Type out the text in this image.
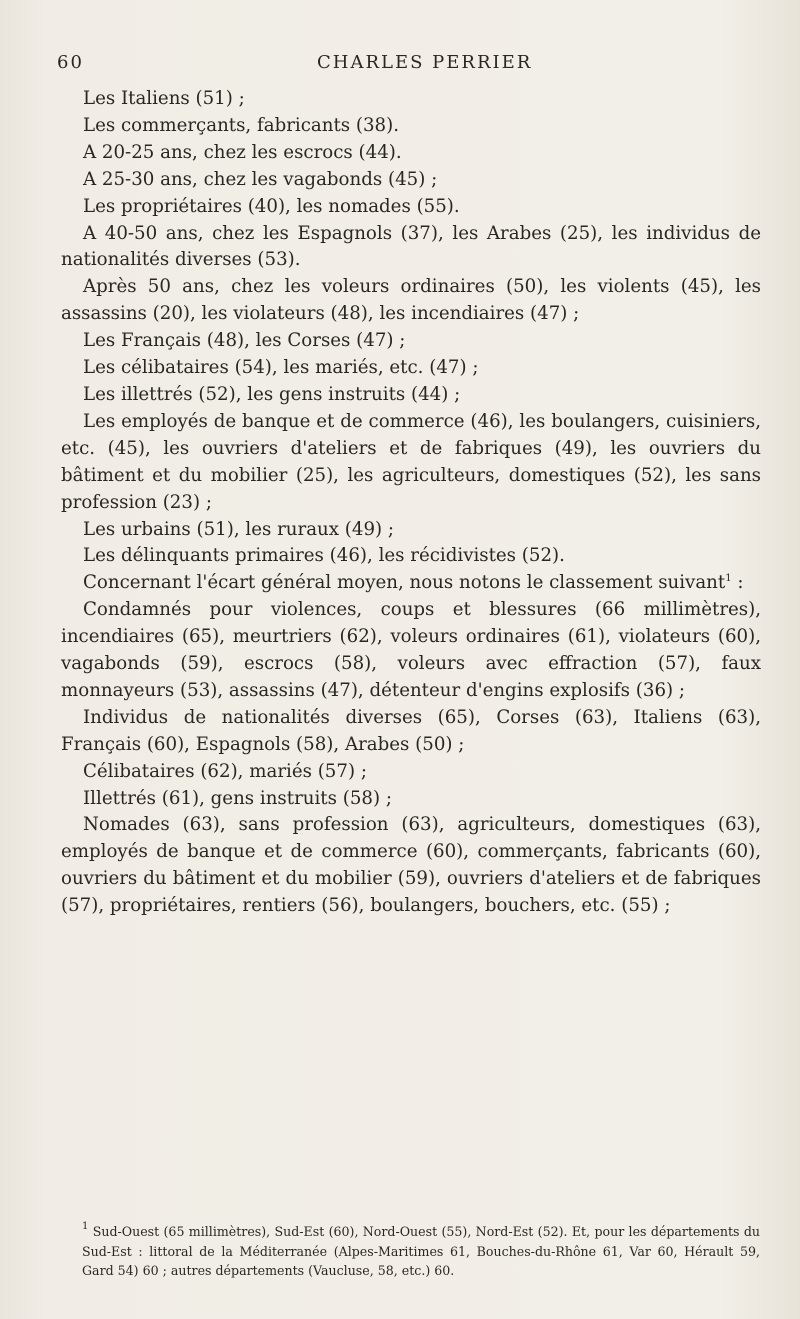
60	CHARLES PERRIER

Les Italiens (51) ;

Les commerçants, fabricants (38).

A 20-25 ans, chez les escrocs (44).

A 25-30 ans, chez les vagabonds (45) ;

Les propriétaires (40), les nomades (55).

A 40-50 ans, chez les Espagnols (37), les Arabes (25), les individus de nationalités diverses (53).

Après 50 ans, chez les voleurs ordinaires (50), les violents (45), les assassins (20), les violateurs (48), les incendiaires (47) ;

Les Français (48), les Corses (47) ;

Les célibataires (54), les mariés, etc. (47) ;

Les illettrés (52), les gens instruits (44) ;

Les employés de banque et de commerce (46), les boulangers, cuisiniers, etc. (45), les ouvriers d'ateliers et de fabriques (49), les ouvriers du bâtiment et du mobilier (25), les agriculteurs, domestiques (52), les sans profession (23) ;

Les urbains (51), les ruraux (49) ;

Les délinquants primaires (46), les récidivistes (52).

Concernant l'écart général moyen, nous notons le classement suivant$^1$ :

Condamnés pour violences, coups et blessures (66 millimètres), incendiaires (65), meurtriers (62), voleurs ordinaires (61), violateurs (60), vagabonds (59), escrocs (58), voleurs avec effraction (57), faux monnayeurs (53), assassins (47), détenteur d'engins explosifs (36) ;

Individus de nationalités diverses (65), Corses (63), Italiens (63), Français (60), Espagnols (58), Arabes (50) ;

Célibataires (62), mariés (57) ;

Illettrés (61), gens instruits (58) ;

Nomades (63), sans profession (63), agriculteurs, domestiques (63), employés de banque et de commerce (60), commerçants, fabricants (60), ouvriers du bâtiment et du mobilier (59), ouvriers d'ateliers et de fabriques (57), propriétaires, rentiers (56), boulangers, bouchers, etc. (55) ;

$^1$ Sud-Ouest (65 millimètres), Sud-Est (60), Nord-Ouest (55), Nord-Est (52). Et, pour les départements du Sud-Est : littoral de la Méditerranée (Alpes-Maritimes 61, Bouches-du-Rhône 61, Var 60, Hérault 59, Gard 54) 60 ; autres départements (Vaucluse, 58, etc.) 60.
